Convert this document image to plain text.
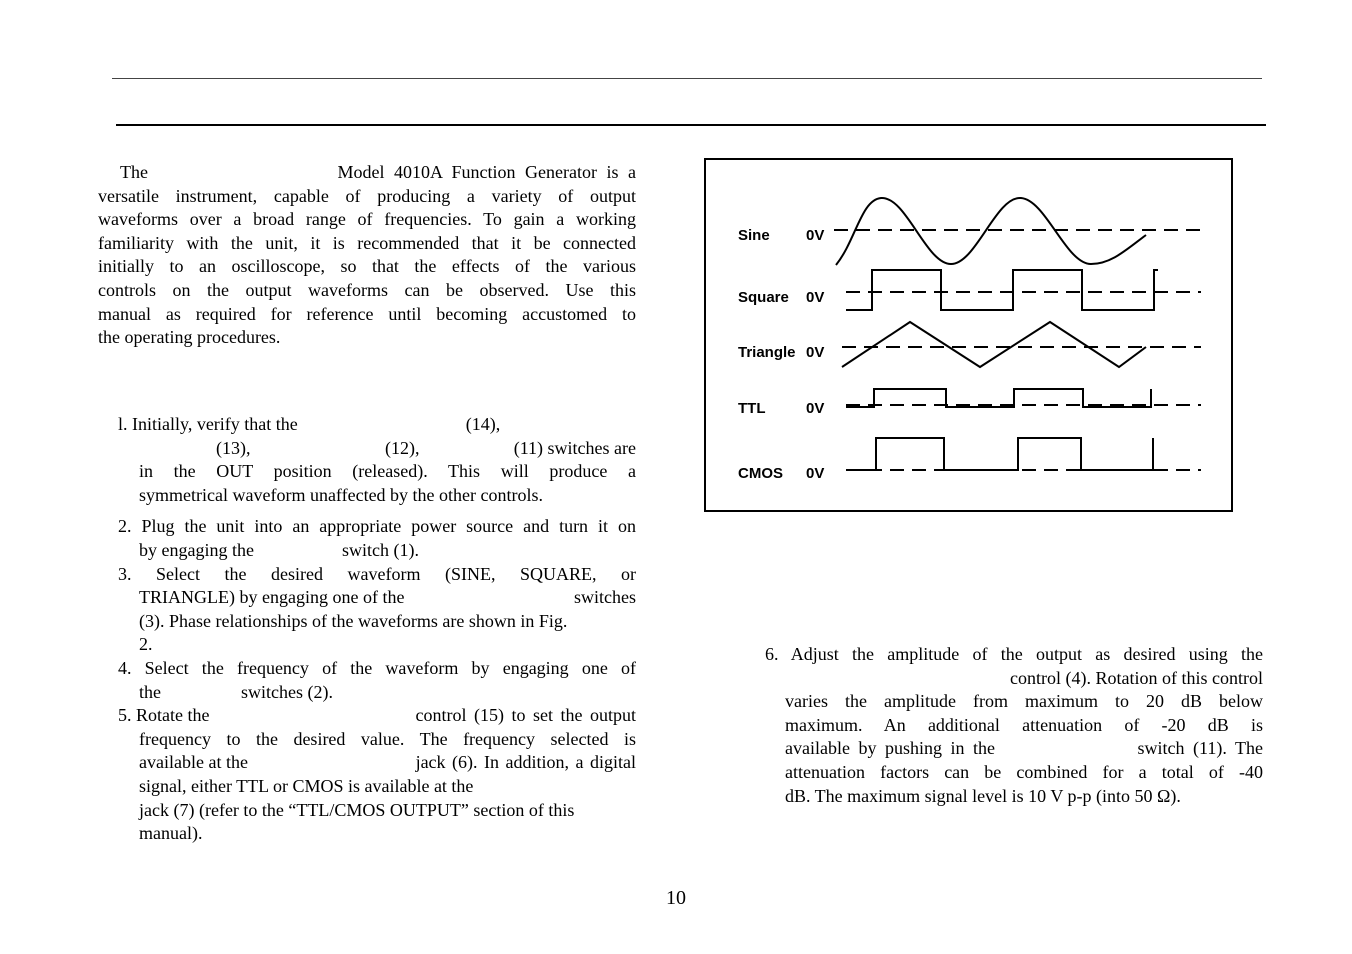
The	Model 4010A Function Generator is a
versatile instrument, capable of producing a variety of output
waveforms over a broad range of frequencies. To gain a working
familiarity with the unit, it is recommended that it be connected
initially to an oscilloscope, so that the effects of the various
controls on the output waveforms can be observed. Use this
manual as required for reference until becoming accustomed to
the operating procedures.
l. Initially, verify that the	(14),
(13),	(12),	(11) switches are
in the OUT position (released). This will produce a
symmetrical waveform unaffected by the other controls.
2. Plug the unit into an appropriate power source and turn it on
by engaging the	switch (1).
3. Select the desired waveform (SINE, SQUARE, or
TRIANGLE) by engaging one of the	switches
(3). Phase relationships of the waveforms are shown in Fig.
2.
4. Select the frequency of the waveform by engaging one of
the	switches (2).
5. Rotate the	control (15) to set the output
frequency to the desired value. The frequency selected is
available at the	jack (6). In addition, a digital
signal, either TTL or CMOS is available at the
jack (7) (refer to the “TTL/CMOS OUTPUT” section of this
manual).
Sine 0V
Square 0V
Triangle 0V
TTL	0V
CMOS 0V
6. Adjust the amplitude of the output as desired using the
control (4). Rotation of this control
varies the amplitude from maximum to 20 dB below
maximum. An additional attenuation of -20 dB is
available by pushing in the	switch (11). The
attenuation factors can be combined for a total of -40
dB. The maximum signal level is 10 V p-p (into 50 Ω).
10
